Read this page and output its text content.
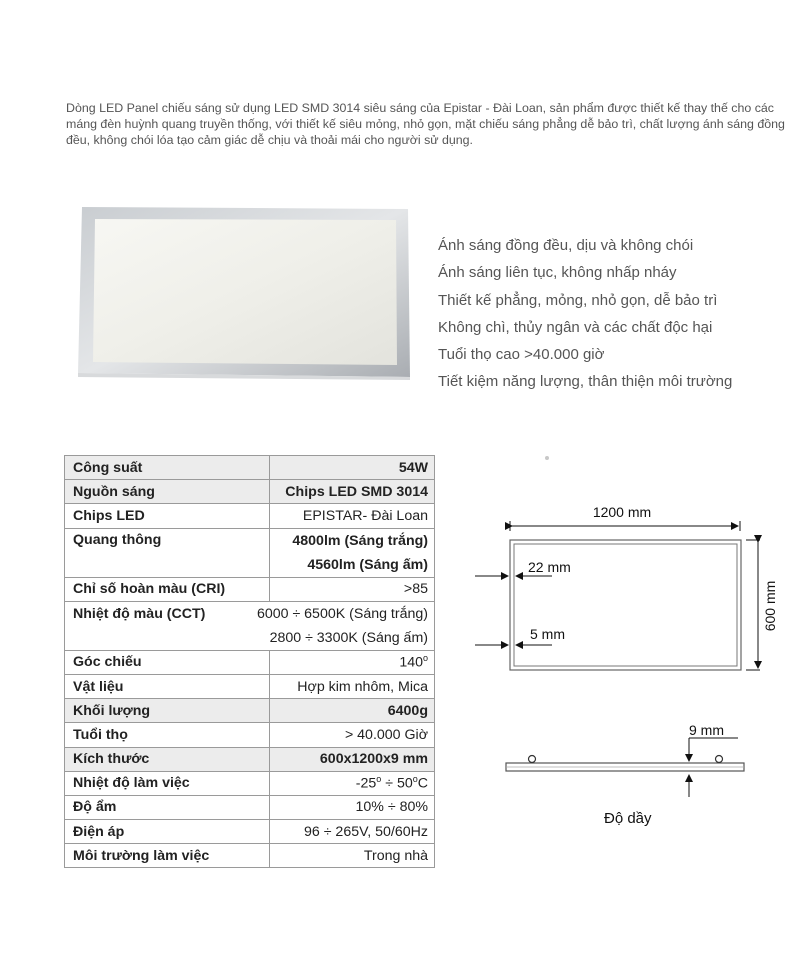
Dòng LED Panel chiếu sáng sử dụng LED SMD 3014 siêu sáng của Epistar - Đài Loan, sản phẩm được thiết kế thay thế cho các máng đèn huỳnh quang truyền thống, với thiết kế siêu mỏng, nhỏ gọn, mặt chiếu sáng phẳng dễ bảo trì, chất lượng ánh sáng đồng đều, không chói lóa tạo cảm giác dễ chịu và thoải mái cho người sử dụng.
Ánh sáng đồng đều, dịu và không chói
Ánh sáng liên tục, không nhấp nháy
Thiết kế phẳng, mỏng, nhỏ gọn, dễ bảo trì
Không chì, thủy ngân và các chất độc hại
Tuổi thọ cao >40.000 giờ
Tiết kiệm năng lượng, thân thiện môi trường
Công suất	54W
Nguồn sáng	Chips LED SMD 3014
Chips LED	EPISTAR- Đài Loan
Quang thông	4800lm (Sáng trắng)
4560lm (Sáng ấm)

Chỉ số hoàn màu (CRI)	>85

Nhiệt độ màu (CCT) 6000 ÷ 6500K (Sáng trắng)
2800 ÷ 3300K (Sáng ấm)	

Góc chiếu	140$^o$
Vật liệu	Hợp kim nhôm, Mica
Khối lượng	6400g
Tuổi thọ	> 40.000 Giờ
Kích thước	600x1200x9 mm
Nhiệt độ làm việc	$-25^o \div 50^oC$
Độ ẩm	10% ÷ 80%
Điện áp	96 ÷ 265V, 50/60Hz
Môi trường làm việc	Trong nhà
1200 mm
600 mm
22 mm
5 mm
9 mm
Độ dầy
